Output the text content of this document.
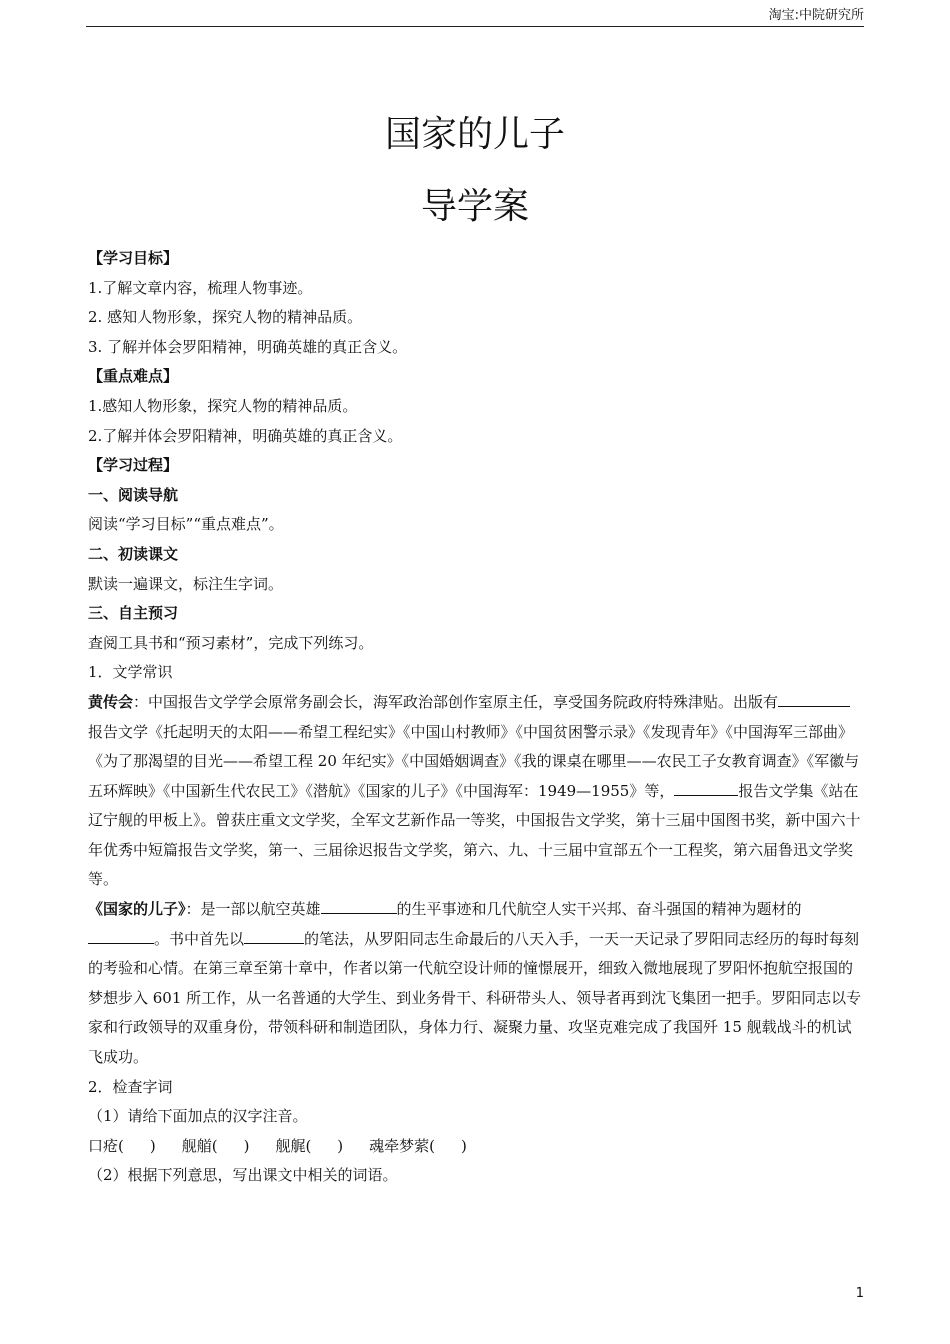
淘宝:中院研究所
国家的儿子
导学案

【学习目标】

1.了解文章内容，梳理人物事迹。

2. 感知人物形象，探究人物的精神品质。

3. 了解并体会罗阳精神，明确英雄的真正含义。

【重点难点】

1.感知人物形象，探究人物的精神品质。

2.了解并体会罗阳精神，明确英雄的真正含义。

【学习过程】

一、阅读导航

阅读“学习目标”“重点难点”。

二、初读课文

默读一遍课文，标注生字词。

三、自主预习

查阅工具书和“预习素材”，完成下列练习。

1．文学常识

黄传会：中国报告文学学会原常务副会长，海军政治部创作室原主任，享受国务院政府特殊津贴。出版有报告文学《托起明天的太阳——希望工程纪实》《中国山村教师》《中国贫困警示录》《发现青年》《中国海军三部曲》《为了那渴望的目光——希望工程 20 年纪实》《中国婚姻调查》《我的课桌在哪里——农民工子女教育调查》《军徽与五环辉映》《中国新生代农民工》《潜航》《国家的儿子》《中国海军：1949—1955》等，	报告文学集《站在辽宁舰的甲板上》。曾获庄重文文学奖，全军文艺新作品一等奖，中国报告文学奖，第十三届中国图书奖，新中国六十年优秀中短篇报告文学奖，第一、三届徐迟报告文学奖，第六、九、十三届中宣部五个一工程奖，第六届鲁迅文学奖等。

《国家的儿子》：是一部以航空英雄	的生平事迹和几代航空人实干兴邦、奋斗强国的精神为题材的。书中首先以	的笔法，从罗阳同志生命最后的八天入手，一天一天记录了罗阳同志经历的每时每刻的考验和心情。在第三章至第十章中，作者以第一代航空设计师的憧憬展开，细致入微地展现了罗阳怀抱航空报国的梦想步入 601 所工作，从一名普通的大学生、到业务骨干、科研带头人、领导者再到沈飞集团一把手。罗阳同志以专家和行政领导的双重身份，带领科研和制造团队，身体力行、凝聚力量、攻坚克难完成了我国歼 15 舰载战斗的机试飞成功。

2．检查字词

（1）请给下面加点的汉字注音。

口疮( ) 舰艏( ) 舰艉( ) 魂牵梦萦( )

（2）根据下列意思，写出课文中相关的词语。

1
